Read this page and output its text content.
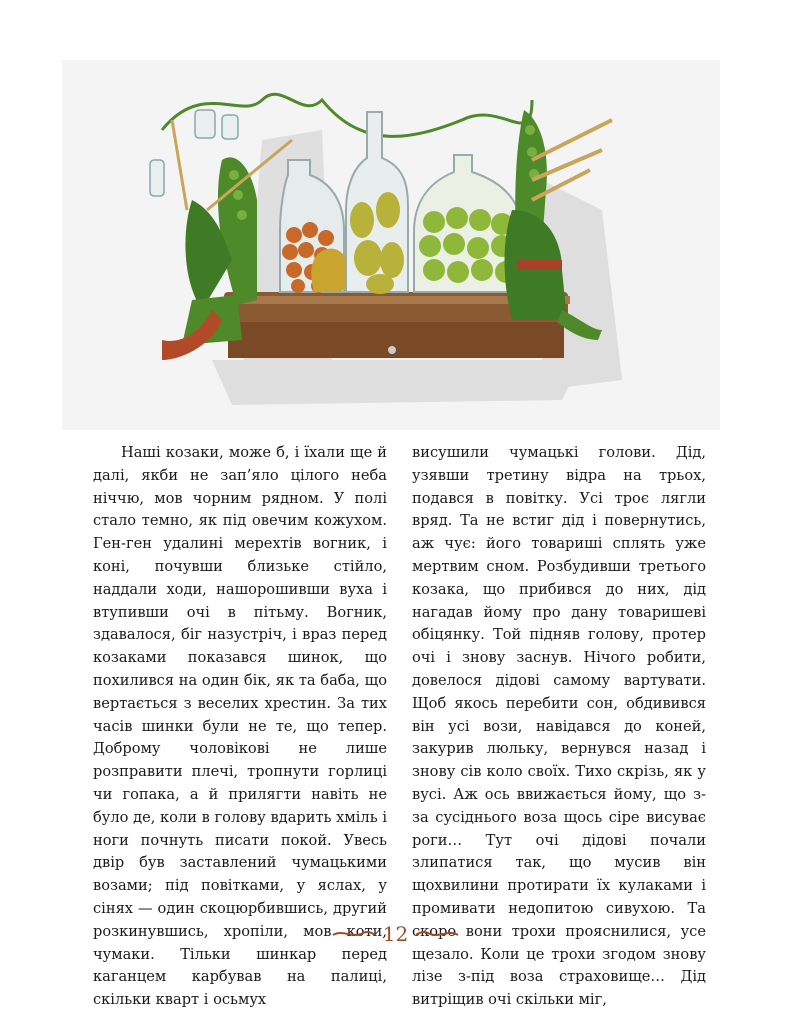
Наші козаки, може б, і їхали ще й далі, якби не зап’яло цілого неба ніччю, мов чорним рядном. У полі стало темно, як під овечим кожухом. Ген-ген удалині мерехтів вогник, і коні, почувши близьке стійло, наддали ходи, нашорошивши вуха і втупивши очі в пітьму. Вогник, здавалося, біг назустріч, і враз перед козаками показався шинок, що похилився на один бік, як та баба, що вертається з веселих хрестин. За тих часів шинки були не те, що тепер. Доброму чоловікові не лише розправити плечі, тропнути горлиці чи гопака, а й прилягти навіть не було де, коли в голову вдарить хміль і ноги почнуть писати покой. Увесь двір був заставлений чумацькими возами; під повітками, у яслах, у сінях — один скоцюрбившись, другий розкинувшись, хропіли, мов коти, чумаки. Тільки шинкар перед каганцем карбував на палиці, скільки кварт і осьмух

висушили чумацькі голови. Дід, узявши третину відра на трьох, подався в повітку. Усі троє лягли вряд. Та не встиг дід і повернутись, аж чує: його товариші сплять уже мертвим сном. Розбудивши третього козака, що прибився до них, дід нагадав йому про дану товаришеві обіцянку. Той підняв голову, протер очі і знову заснув. Нічого робити, довелося дідові самому вартувати. Щоб якось перебити сон, обдивився він усі вози, навідався до коней, закурив люльку, вернувся назад і знову сів коло своїх. Тихо скрізь, як у вусі. Аж ось ввижається йому, що з-за сусіднього воза щось сіре висуває роги… Тут очі дідові почали злипатися так, що мусив він щохвилини протирати їх кулаками і промивати недопитою сивухою. Та скоро вони трохи прояснилися, усе щезало. Коли це трохи згодом знову лізе з-під воза страховище… Дід витріщив очі скільки міг,

12
